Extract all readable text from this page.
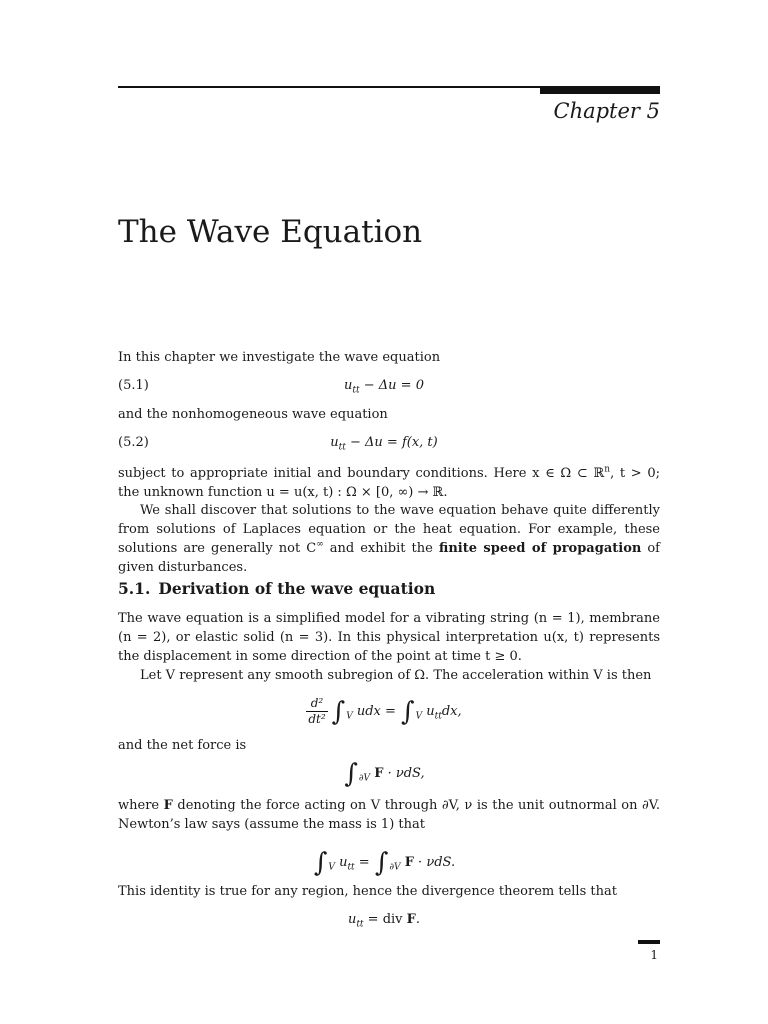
Chapter 5
The Wave Equation
In this chapter we investigate the wave equation
(5.1)	$u_{tt} - \Delta u = 0$
and the nonhomogeneous wave equation
(5.2)	$u_{tt} - \Delta u = f(x$, t)
subject to appropriate initial and boundary conditions. Here x ∈ Ω ⊂ ℝ$^n$, t > 0; the unknown function u = u(x, t) : Ω × [0, ∞) → ℝ.
We shall discover that solutions to the wave equation behave quite differently from solutions of Laplaces equation or the heat equation. For example, these solutions are generally not C∞ and exhibit the finite speed of propagation of given disturbances.
5.1. Derivation of the wave equation
The wave equation is a simplified model for a vibrating string (n = 1), membrane (n = 2), or elastic solid (n = 3). In this physical interpretation u(x, t) represents the displacement in some direction of the point at time t ≥ 0.
Let V represent any smooth subregion of Ω. The acceleration within V is then
$\frac{\text{d²}}{\text{dt²}} \int_V$ udx = $\int_V$ $u_{tt}dx$,
and the net force is
$\int_{\partial V}$ F · νdS,
where F denoting the force acting on V through ∂V, ν is the unit outnormal on ∂V. Newton’s law says (assume the mass is 1) that
$\int_V$ $u_{tt} = \int_{\partial V}$ F · νdS.
This identity is true for any region, hence the divergence theorem tells that
$u_{tt}$ = div F.
1
